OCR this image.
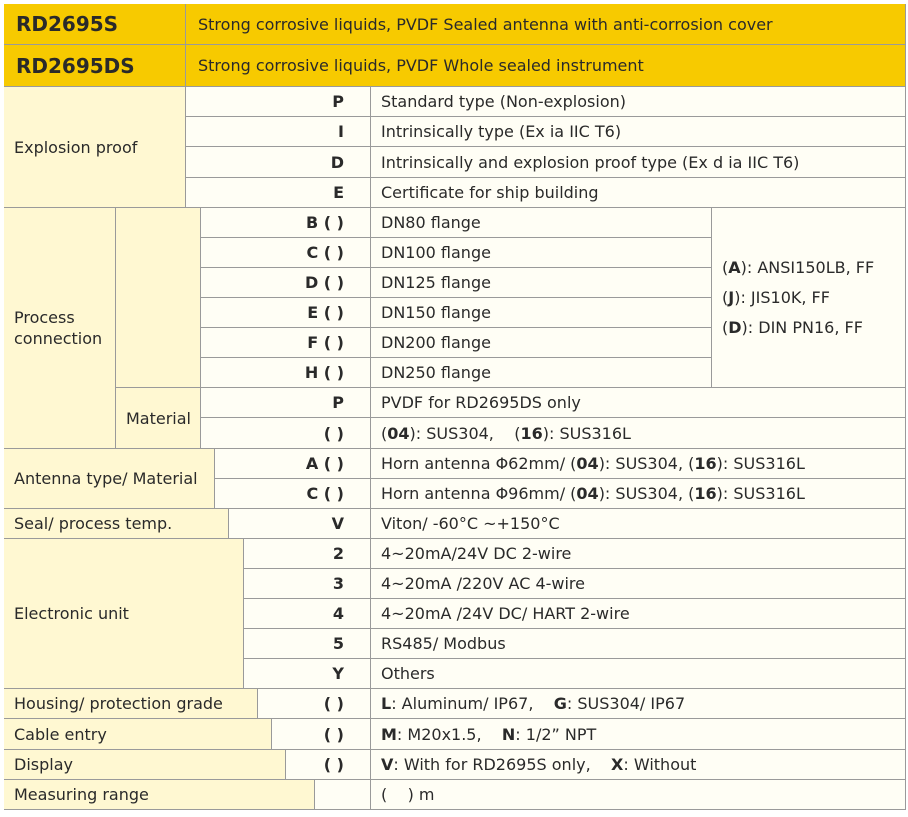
RD2695S	Strong corrosive liquids, PVDF Sealed antenna with anti-corrosion cover
RD2695DS	Strong corrosive liquids, PVDF Whole sealed instrument
Explosion proof
P	Standard type (Non-explosion)
I	Intrinsically type (Ex ia IIC T6)
D	Intrinsically and explosion proof type (Ex d ia IIC T6)
E	Certificate for ship building
Process connection
B ( )	DN80 flange
C ( )	DN100 flange
D ( )	DN125 flange
E ( )	DN150 flange
F ( )	DN200 flange
H ( )	DN250 flange
(A): ANSI150LB, FF
(J): JIS10K, FF
(D): DIN PN16, FF
Material
P	PVDF for RD2695DS only
( )	( 04 ): SUS304,    ( 16 ): SUS316L
Antenna type/ Material
A ( )	Horn antenna Φ62mm/ ( 04 ): SUS304, ( 16 ): SUS316L
C ( )	Horn antenna Φ96mm/ ( 04 ): SUS304, ( 16 ): SUS316L
Seal/ process temp.	V	Viton/ -60°C ~+150°C
Electronic unit
2	4~20mA/24V DC 2-wire
3	4~20mA /220V AC 4-wire
4	4~20mA /24V DC/ HART 2-wire
5	RS485/ Modbus
Y	Others
Housing/ protection grade	( )	L : Aluminum/ IP67, G : SUS304/ IP67
Cable entry	( )	M : M20x1.5, N : 1/2” NPT
Display	( )	V : With for RD2695S only, X : Without
Measuring range	(    ) m
